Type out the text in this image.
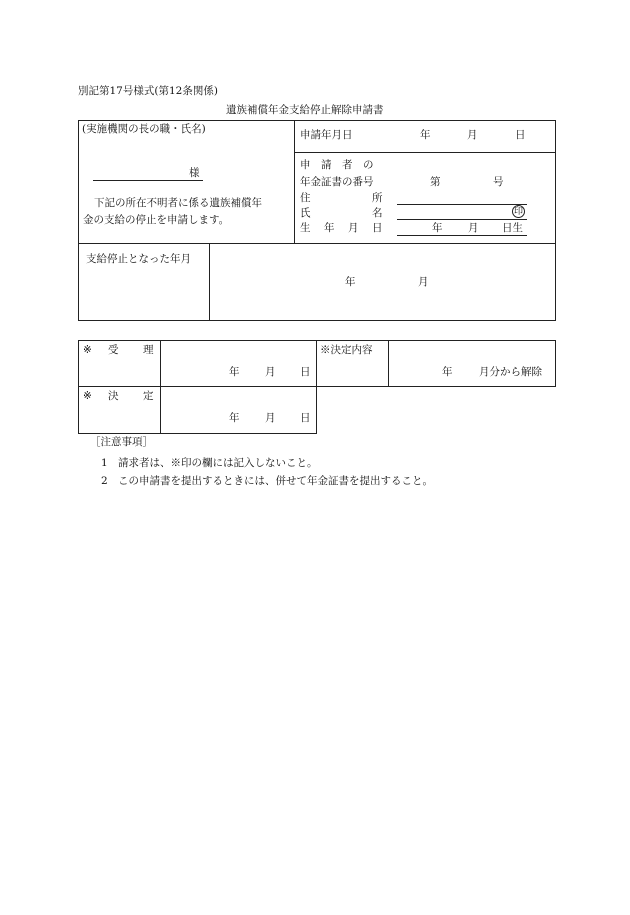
別記第17号様式(第12条関係)
遺族補償年金支給停止解除申請書
(実施機関の長の職・氏名)
様
下記の所在不明者に係る遺族補償年
金の支給の停止を申請します。
申請年月日	年	月	日
申　請　者　の
年金証書の番号	第	号
住	所
氏	名	印
生 年 月 日	年 月 日生
支給停止となった年月
年	月
※ 受 理
年 月 日
※決定内容
年	月分から解除
※ 決 定
年 月 日
［注意事項］
1 請求者は、※印の欄には記入しないこと。
2 この申請書を提出するときには、併せて年金証書を提出すること。
